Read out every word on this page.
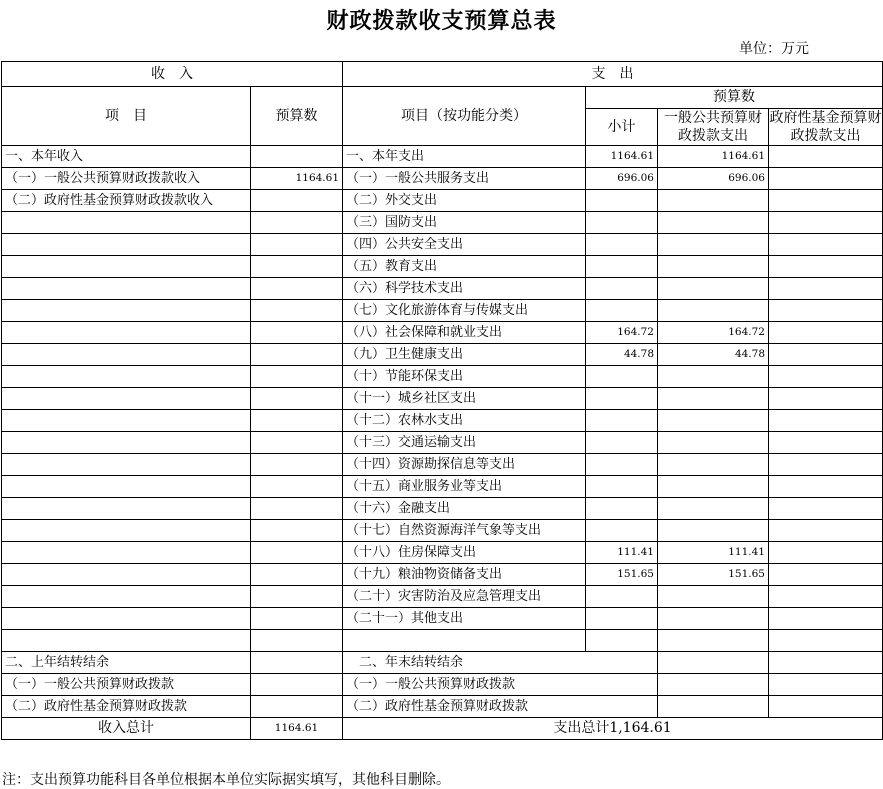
财政拨款收支预算总表
单位：万元
收　入		支　出			
项　目	预算数	项目（按功能分类）	预算数		
			小计	一般公共预算财政拨款支出	政府性基金预算财政拨款支出

一、本年收入		一、本年支出	1164.61	1164.61	
（一）一般公共预算财政拨款收入	1164.61	（一）一般公共服务支出	696.06	696.06	
（二）政府性基金预算财政拨款收入		（二）外交支出			
		（三）国防支出			
		（四）公共安全支出			
		（五）教育支出			
		（六）科学技术支出			
		（七）文化旅游体育与传媒支出			
		（八）社会保障和就业支出	164.72	164.72	
		（九）卫生健康支出	44.78	44.78	
		（十）节能环保支出			
		（十一）城乡社区支出			
		（十二）农林水支出			
		（十三）交通运输支出			
		（十四）资源勘探信息等支出			
		（十五）商业服务业等支出			
		（十六）金融支出			
		（十七）自然资源海洋气象等支出			
		（十八）住房保障支出	111.41	111.41	
		（十九）粮油物资储备支出	151.65	151.65	
		（二十）灾害防治及应急管理支出			
		（二十一）其他支出			

二、上年结转结余		　二、年末结转结余			
（一）一般公共预算财政拨款		（一）一般公共预算财政拨款			
（二）政府性基金预算财政拨款		（二）政府性基金预算财政拨款			
收入总计	1164.61	支出总计1,164.61			
注：支出预算功能科目各单位根据本单位实际据实填写，其他科目删除。
